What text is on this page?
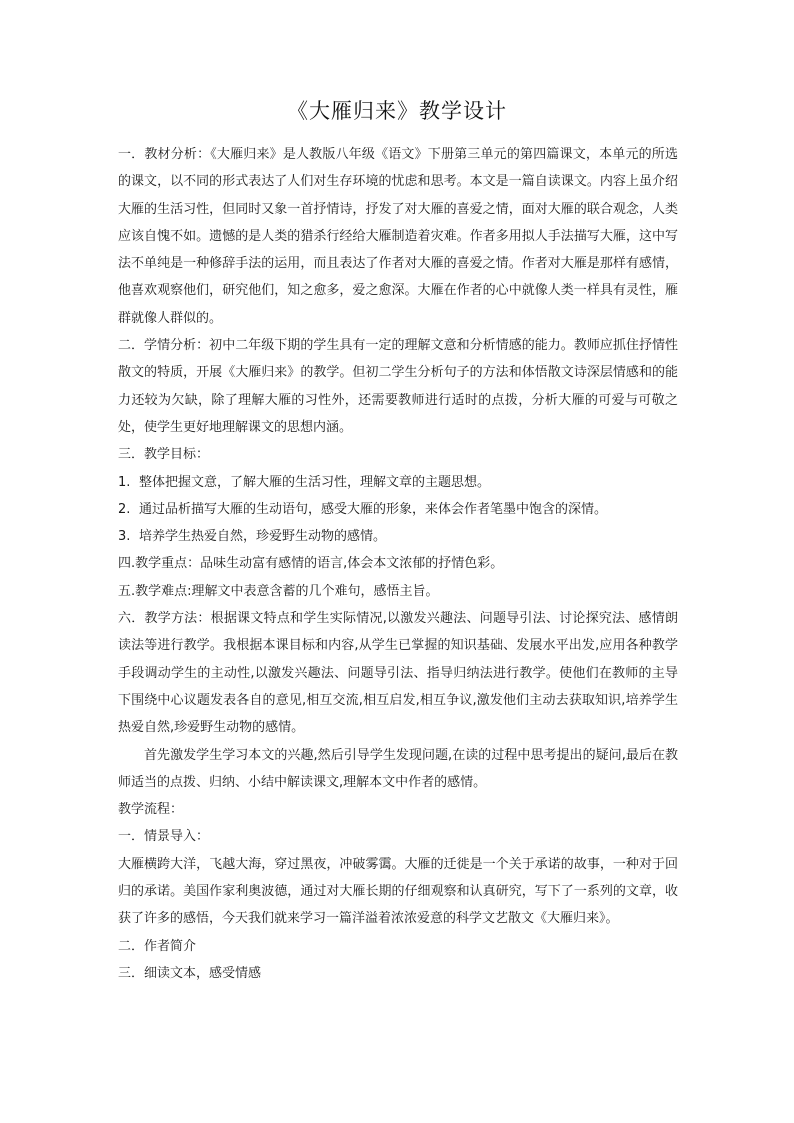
《大雁归来》教学设计

一．教材分析：《大雁归来》是人教版八年级《语文》下册第三单元的第四篇课文，本单元的所选的课文，以不同的形式表达了人们对生存环境的忧虑和思考。本文是一篇自读课文。内容上虽介绍大雁的生活习性，但同时又象一首抒情诗，抒发了对大雁的喜爱之情，面对大雁的联合观念，人类应该自愧不如。遗憾的是人类的猎杀行经给大雁制造着灾难。作者多用拟人手法描写大雁，这中写法不单纯是一种修辞手法的运用，而且表达了作者对大雁的喜爱之情。作者对大雁是那样有感情，他喜欢观察他们，研究他们，知之愈多，爱之愈深。大雁在作者的心中就像人类一样具有灵性，雁群就像人群似的。

二．学情分析：初中二年级下期的学生具有一定的理解文意和分析情感的能力。教师应抓住抒情性散文的特质，开展《大雁归来》的教学。但初二学生分析句子的方法和体悟散文诗深层情感和的能力还较为欠缺，除了理解大雁的习性外，还需要教师进行适时的点拨，分析大雁的可爱与可敬之处，使学生更好地理解课文的思想内涵。

三．教学目标：

1. 整体把握文意，了解大雁的生活习性，理解文章的主题思想。

2. 通过品析描写大雁的生动语句，感受大雁的形象，来体会作者笔墨中饱含的深情。

3. 培养学生热爱自然，珍爱野生动物的感情。

四.教学重点：品味生动富有感情的语言,体会本文浓郁的抒情色彩。

五.教学难点:理解文中表意含蓄的几个难句，感悟主旨。

六．教学方法：根据课文特点和学生实际情况,以激发兴趣法、问题导引法、讨论探究法、感情朗读法等进行教学。我根据本课目标和内容,从学生已掌握的知识基础、发展水平出发,应用各种教学手段调动学生的主动性,以激发兴趣法、问题导引法、指导归纳法进行教学。使他们在教师的主导下围绕中心议题发表各自的意见,相互交流,相互启发,相互争议,激发他们主动去获取知识,培养学生热爱自然,珍爱野生动物的感情。

首先激发学生学习本文的兴趣,然后引导学生发现问题,在读的过程中思考提出的疑问,最后在教师适当的点拨、归纳、小结中解读课文,理解本文中作者的感情。

教学流程：

一．情景导入：

大雁横跨大洋，飞越大海，穿过黑夜，冲破雾霭。大雁的迁徙是一个关于承诺的故事，一种对于回归的承诺。美国作家利奥波德，通过对大雁长期的仔细观察和认真研究，写下了一系列的文章，收获了许多的感悟，今天我们就来学习一篇洋溢着浓浓爱意的科学文艺散文《大雁归来》。

二．作者简介

三．细读文本，感受情感
